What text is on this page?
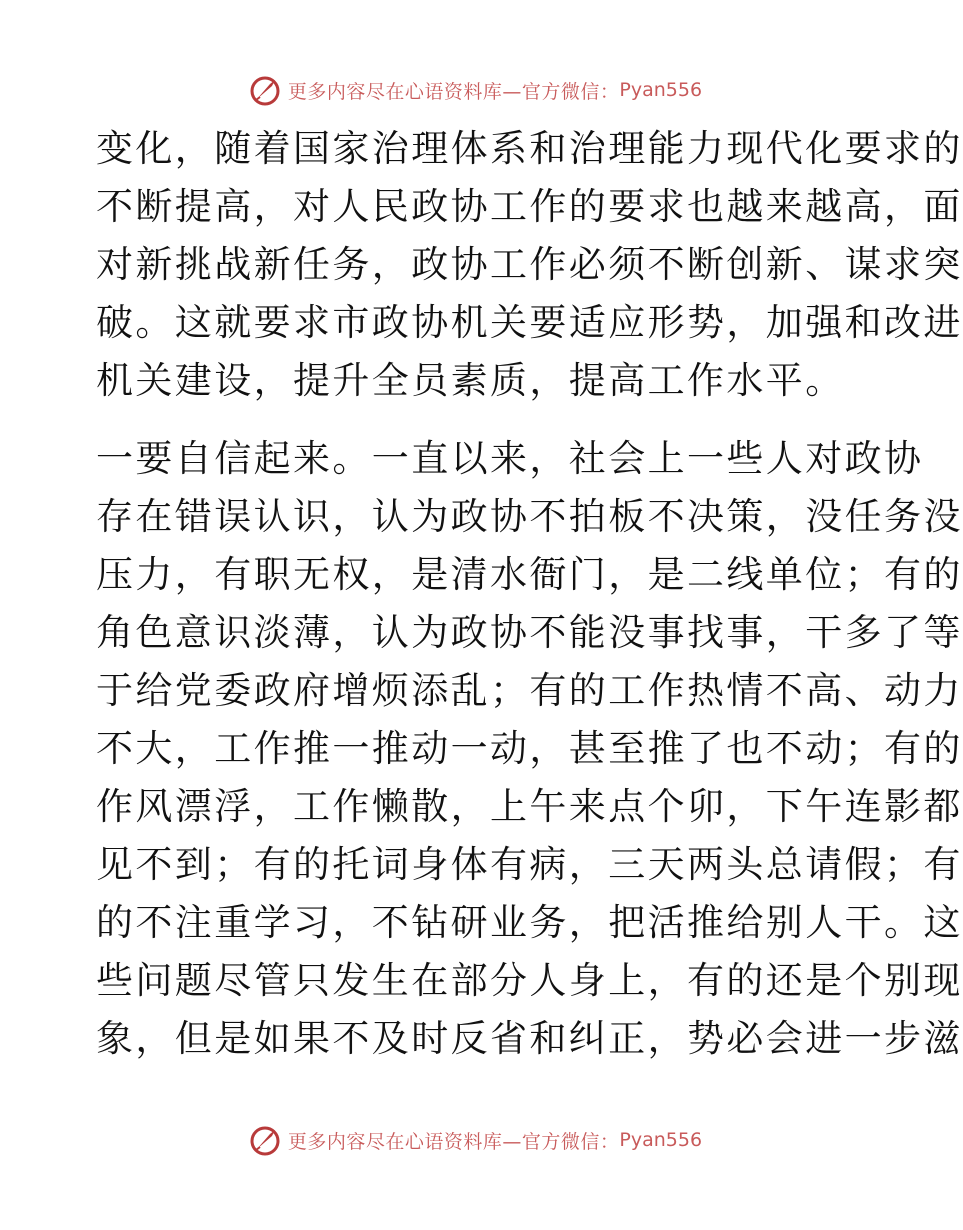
更多内容尽在心语资料库—官方微信： Pyan556
变化，随着国家治理体系和治理能力现代化要求的
不断提高，对人民政协工作的要求也越来越高，面
对新挑战新任务，政协工作必须不断创新、谋求突
破。这就要求市政协机关要适应形势，加强和改进
机关建设，提升全员素质，提高工作水平。
一要自信起来。一直以来，社会上一些人对政协
存在错误认识，认为政协不拍板不决策，没任务没
压力，有职无权，是清水衙门，是二线单位；有的
角色意识淡薄，认为政协不能没事找事，干多了等
于给党委政府增烦添乱；有的工作热情不高、动力
不大，工作推一推动一动，甚至推了也不动；有的
作风漂浮，工作懒散，上午来点个卯，下午连影都
见不到；有的托词身体有病，三天两头总请假；有
的不注重学习，不钻研业务，把活推给别人干。这
些问题尽管只发生在部分人身上，有的还是个别现
象，但是如果不及时反省和纠正，势必会进一步滋
更多内容尽在心语资料库—官方微信： Pyan556
